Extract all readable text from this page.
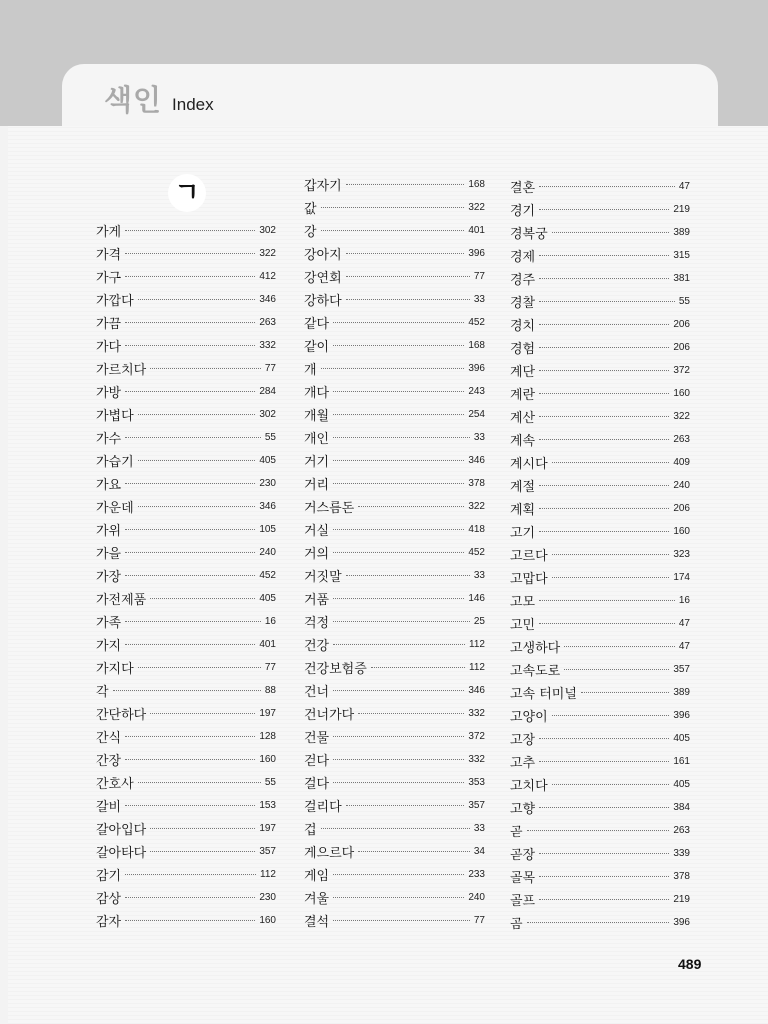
색인 Index
ㄱ
가게	302
가격	322
가구	412
가깝다	346
가끔	263
가다	332
가르치다	77
가방	284
가볍다	302
가수	55
가습기	405
가요	230
가운데	346
가위	105
가을	240
가장	452
가전제품	405
가족	16
가지	401
가지다	77
각	88
간단하다	197
간식	128
간장	160
간호사	55
갈비	153
갈아입다	197
갈아타다	357
감기	112
감상	230
감자	160
갑자기	168
값	322
강	401
강아지	396
강연회	77
강하다	33
같다	452
같이	168
개	396
개다	243
개월	254
개인	33
거기	346
거리	378
거스름돈	322
거실	418
거의	452
거짓말	33
거품	146
걱정	25
건강	112
건강보험증	112
건너	346
건너가다	332
건물	372
걷다	332
걸다	353
걸리다	357
겁	33
게으르다	34
게임	233
겨울	240
결석	77
결혼	47
경기	219
경복궁	389
경제	315
경주	381
경찰	55
경치	206
경험	206
계단	372
계란	160
계산	322
계속	263
계시다	409
계절	240
계획	206
고기	160
고르다	323
고맙다	174
고모	16
고민	47
고생하다	47
고속도로	357
고속 터미널	389
고양이	396
고장	405
고추	161
고치다	405
고향	384
곧	263
곧장	339
골목	378
골프	219
곰	396
489
